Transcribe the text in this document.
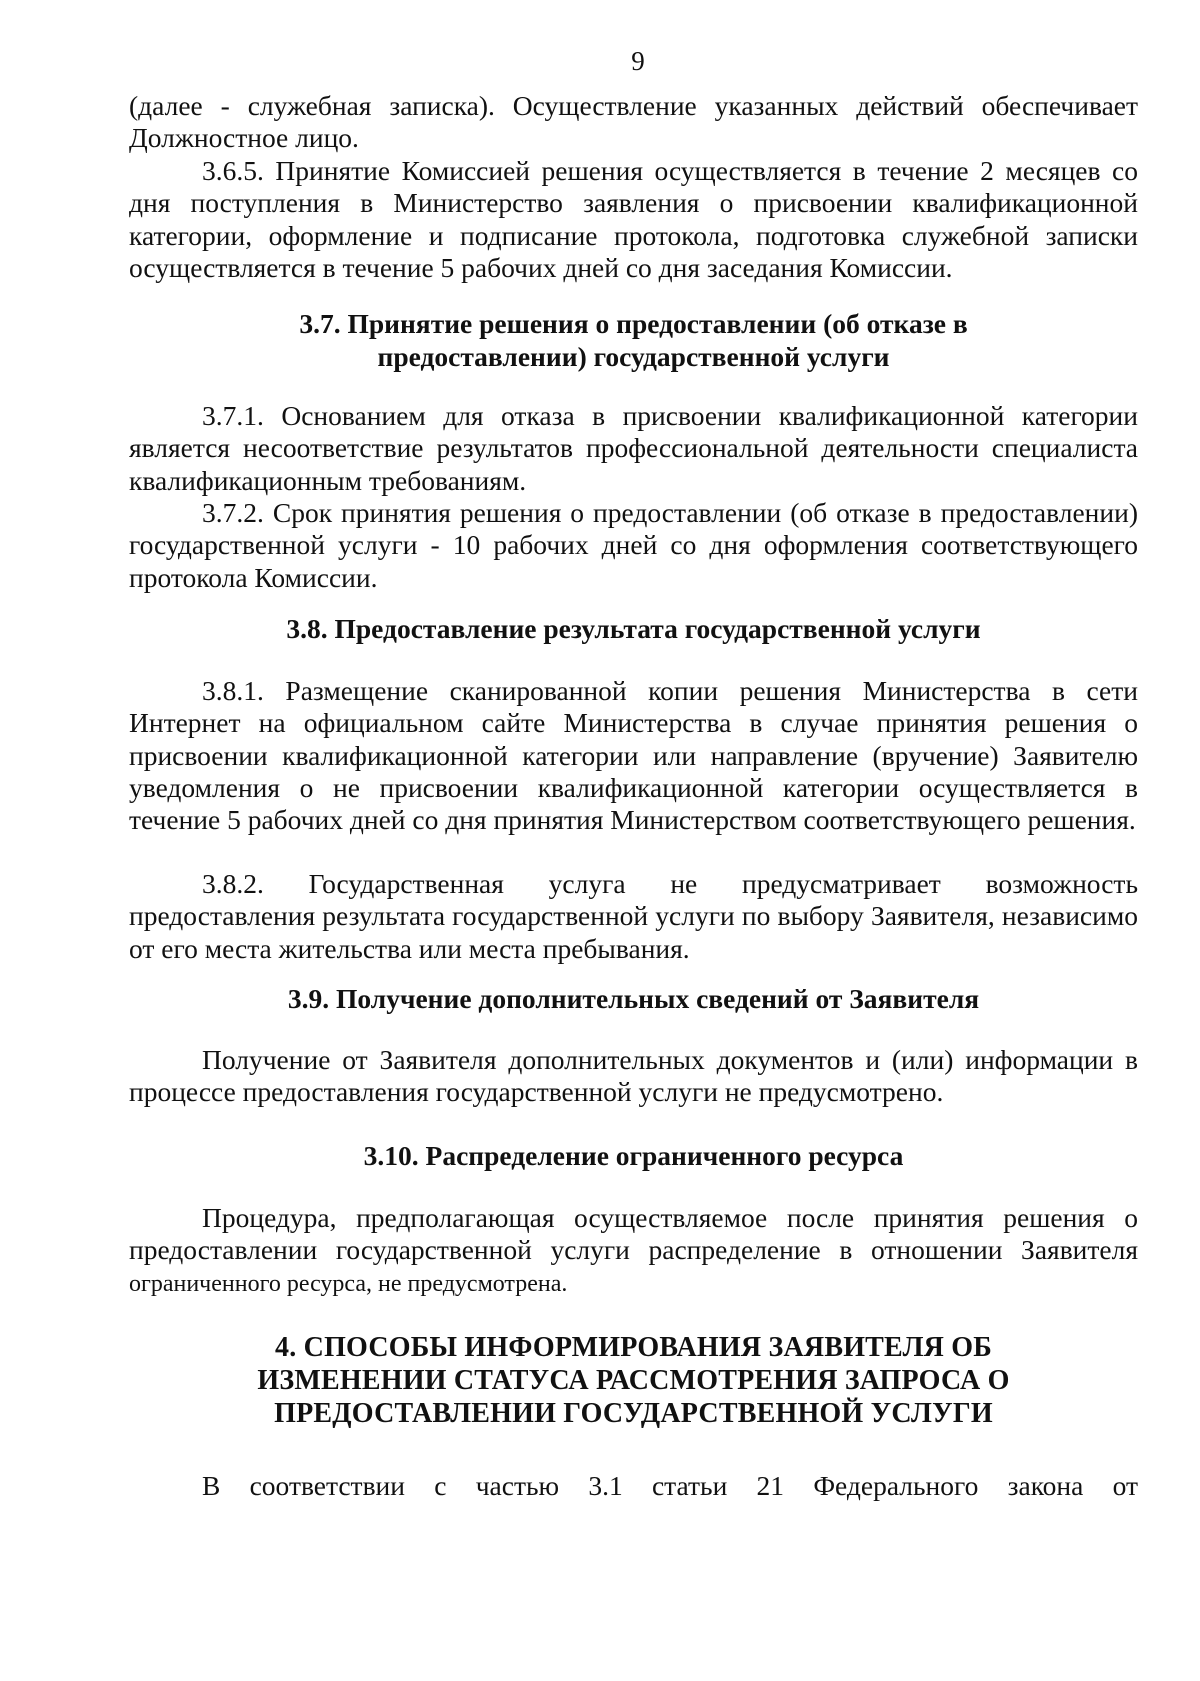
9
(далее - служебная записка). Осуществление указанных действий обеспечивает Должностное лицо.
3.6.5. Принятие Комиссией решения осуществляется в течение 2 месяцев со дня поступления в Министерство заявления о присвоении квалификационной категории, оформление и подписание протокола, подготовка служебной записки осуществляется в течение 5 рабочих дней со дня заседания Комиссии.
3.7. Принятие решения о предоставлении (об отказе в
предоставлении) государственной услуги
3.7.1. Основанием для отказа в присвоении квалификационной категории является несоответствие результатов профессиональной деятельности специалиста квалификационным требованиям.
3.7.2. Срок принятия решения о предоставлении (об отказе в предоставлении) государственной услуги - 10 рабочих дней со дня оформления соответствующего протокола Комиссии.
3.8. Предоставление результата государственной услуги
3.8.1. Размещение сканированной копии решения Министерства в сети Интернет на официальном сайте Министерства в случае принятия решения о присвоении квалификационной категории или направление (вручение) Заявителю уведомления о не присвоении квалификационной категории осуществляется в течение 5 рабочих дней со дня принятия Министерством соответствующего решения.
3.8.2. Государственная услуга не предусматривает возможность предоставления результата государственной услуги по выбору Заявителя, независимо от его места жительства или места пребывания.
3.9. Получение дополнительных сведений от Заявителя
Получение от Заявителя дополнительных документов и (или) информации в процессе предоставления государственной услуги не предусмотрено.
3.10. Распределение ограниченного ресурса
Процедура, предполагающая осуществляемое после принятия решения о предоставлении государственной услуги распределение в отношении Заявителя
ограниченного ресурса, не предусмотрена.
4. СПОСОБЫ ИНФОРМИРОВАНИЯ ЗАЯВИТЕЛЯ ОБ
ИЗМЕНЕНИИ СТАТУСА РАССМОТРЕНИЯ ЗАПРОСА О
ПРЕДОСТАВЛЕНИИ ГОСУДАРСТВЕННОЙ УСЛУГИ
В соответствии с частью 3.1 статьи 21 Федерального закона от
